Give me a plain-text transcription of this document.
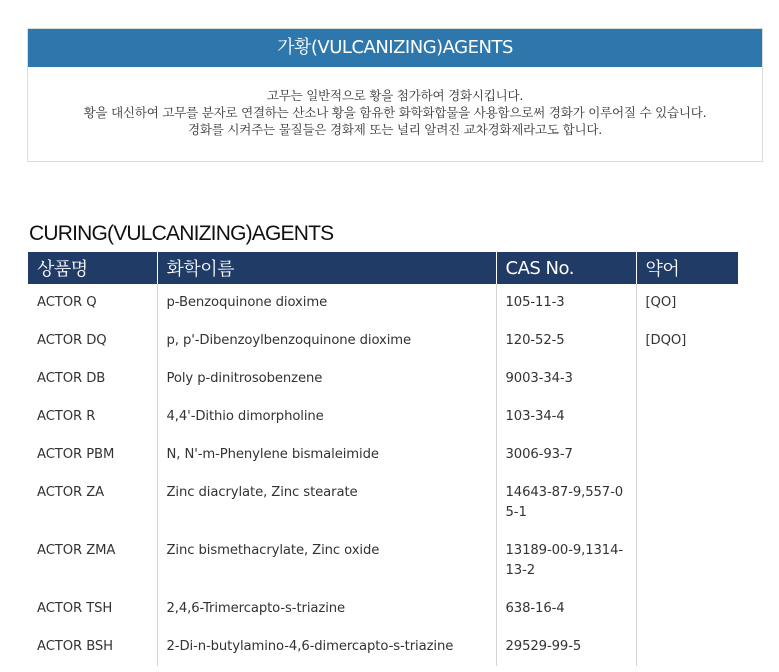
가황(VULCANIZING)AGENTS
고무는 일반적으로 황을 첨가하여 경화시킵니다.
황을 대신하여 고무를 분자로 연결하는 산소나 황을 함유한 화학화합물을 사용함으로써 경화가 이루어질 수 있습니다.
경화를 시켜주는 물질들은 경화제 또는 널리 알려진 교차경화제라고도 합니다.
CURING(VULCANIZING)AGENTS
상품명	화학이름	CAS No.	약어
ACTOR Q	p-Benzoquinone dioxime	105-11-3	[QO]
ACTOR DQ	p, p'-Dibenzoylbenzoquinone dioxime	120-52-5	[DQO]
ACTOR DB	Poly p-dinitrosobenzene	9003-34-3	
ACTOR R	4,4'-Dithio dimorpholine	103-34-4	
ACTOR PBM	N, N'-m-Phenylene bismaleimide	3006-93-7	
ACTOR ZA	Zinc diacrylate, Zinc stearate	14643-87-9,557-05-1	
ACTOR ZMA	Zinc bismethacrylate, Zinc oxide	13189-00-9,1314-13-2	
ACTOR TSH	2,4,6-Trimercapto-s-triazine	638-16-4	
ACTOR BSH	2-Di-n-butylamino-4,6-dimercapto-s-triazine	29529-99-5	
